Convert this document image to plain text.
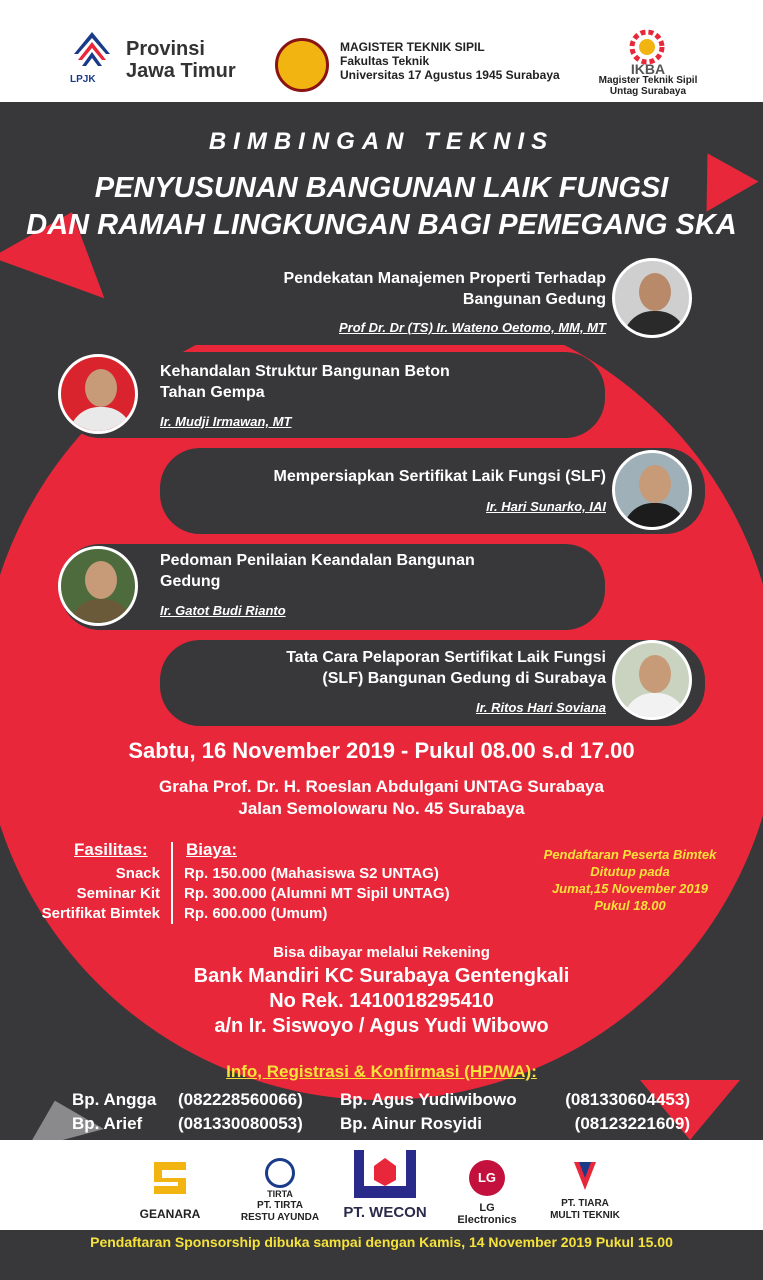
LPJK
Provinsi
Jawa Timur
MAGISTER TEKNIK SIPIL
Fakultas Teknik
Universitas 17 Agustus 1945 Surabaya	IKBA
Magister Teknik Sipil
Untag Surabaya
BIMBINGAN TEKNIS
PENYUSUNAN BANGUNAN LAIK FUNGSI
DAN RAMAH LINGKUNGAN BAGI PEMEGANG SKA
Pendekatan Manajemen Properti Terhadap
Bangunan Gedung
Prof Dr. Dr (TS) Ir. Wateno Oetomo, MM, MT
Kehandalan Struktur Bangunan Beton
Tahan Gempa
Ir. Mudji Irmawan, MT
Mempersiapkan Sertifikat Laik Fungsi (SLF)
Ir. Hari Sunarko, IAI
Pedoman Penilaian Keandalan Bangunan
Gedung
Ir. Gatot Budi Rianto
Tata Cara Pelaporan Sertifikat Laik Fungsi
(SLF) Bangunan Gedung di Surabaya
Ir. Ritos Hari Soviana
Sabtu, 16 November 2019 - Pukul 08.00 s.d 17.00
Graha Prof. Dr. H. Roeslan Abdulgani UNTAG Surabaya
Jalan Semolowaru No. 45 Surabaya
Fasilitas: Biaya:
Snack
Seminar Kit
Sertifikat Bimtek
Rp. 150.000 (Mahasiswa S2 UNTAG)
Rp. 300.000 (Alumni MT Sipil UNTAG)
Rp. 600.000 (Umum)
Pendaftaran Peserta Bimtek
Ditutup pada
Jumat,15 November 2019
Pukul 18.00
Bisa dibayar melalui Rekening
Bank Mandiri KC Surabaya Gentengkali
No Rek. 1410018295410
a/n Ir. Siswoyo / Agus Yudi Wibowo
Info, Registrasi & Konfirmasi (HP/WA):
Bp. Angga
Bp. Arief
(082228560066)
(081330080053)
Bp. Agus Yudiwibowo
Bp. Ainur Rosyidi
(081330604453)
(08123221609)
GEANARA
TIRTA
PT. TIRTA
RESTU AYUNDA	PT. WECON
LG
LG
Electronics
PT. TIARA
MULTI TEKNIK
Pendaftaran Sponsorship dibuka sampai dengan Kamis, 14 November 2019 Pukul 15.00
